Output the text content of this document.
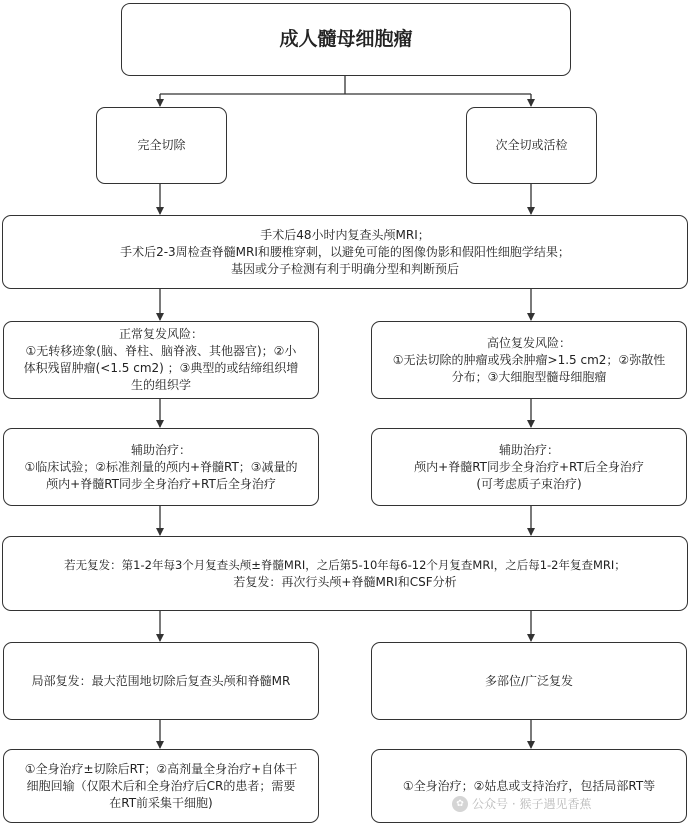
成人髓母细胞瘤
完全切除	次全切或活检
手术后48小时内复查头颅MRI；
手术后2-3周检查脊髓MRI和腰椎穿刺，以避免可能的图像伪影和假阳性细胞学结果；
基因或分子检测有利于明确分型和判断预后
正常复发风险：
①无转移迹象(脑、脊柱、脑脊液、其他器官)；②小
体积残留肿瘤(<1.5 cm2) ；③典型的或结缔组织增
生的组织学
高位复发风险：
①无法切除的肿瘤或残余肿瘤>1.5 cm2；②弥散性
分布；③大细胞型髓母细胞瘤
辅助治疗：
①临床试验；②标准剂量的颅内+脊髓RT；③减量的
颅内+脊髓RT同步全身治疗+RT后全身治疗
辅助治疗：
颅内+脊髓RT同步全身治疗+RT后全身治疗
(可考虑质子束治疗)
若无复发：第1-2年每3个月复查头颅±脊髓MRI，之后第5-10年每6-12个月复查MRI，之后每1-2年复查MRI；
若复发：再次行头颅+脊髓MRI和CSF分析
局部复发：最大范围地切除后复查头颅和脊髓MR	多部位/广泛复发
①全身治疗±切除后RT；②高剂量全身治疗+自体干
细胞回输（仅限术后和全身治疗后CR的患者；需要
在RT前采集干细胞)
①全身治疗；②姑息或支持治疗，包括局部RT等
✿ 公众号 · 猴子遇见香蕉
